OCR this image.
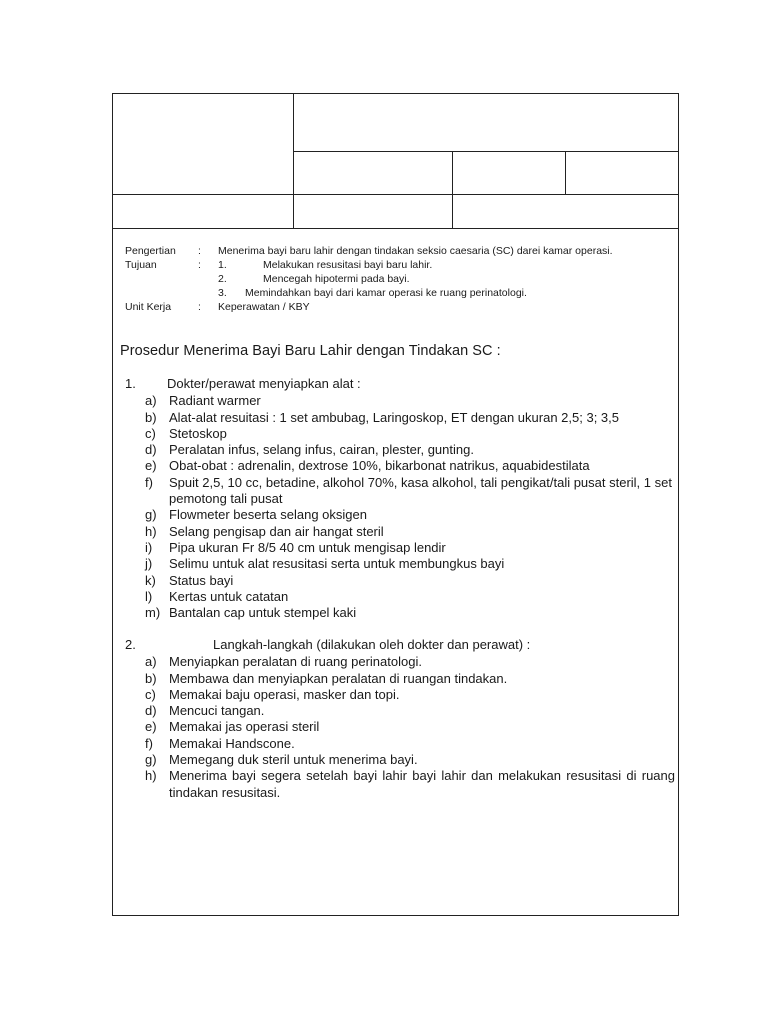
Pengertian	:	Menerima bayi baru lahir dengan tindakan seksio caesaria (SC) darei kamar operasi.
Tujuan	:	1.	Melakukan resusitasi bayi baru lahir.
2.	Mencegah hipotermi pada bayi.
3. Memindahkan bayi dari kamar operasi ke ruang perinatologi.
Unit Kerja	:	Keperawatan / KBY
Prosedur Menerima Bayi Baru Lahir dengan Tindakan SC :
1.	Dokter/perawat menyiapkan alat :
a) Radiant warmer
b) Alat-alat resuitasi : 1 set ambubag, Laringoskop, ET dengan ukuran 2,5; 3; 3,5
c)	Stetoskop
d) Peralatan infus, selang infus, cairan, plester, gunting.
e) Obat-obat : adrenalin, dextrose 10%, bikarbonat natrikus, aquabidestilata
f)	Spuit 2,5, 10 cc, betadine, alkohol 70%, kasa alkohol, tali pengikat/tali pusat steril, 1 set pemotong tali pusat
g) Flowmeter beserta selang oksigen
h) Selang pengisap dan air hangat steril
i)	Pipa ukuran Fr 8/5 40 cm untuk mengisap lendir
j)	Selimu untuk alat resusitasi serta untuk membungkus bayi
k)	Status bayi
l)	Kertas untuk catatan
m) Bantalan cap untuk stempel kaki
2.	Langkah-langkah (dilakukan oleh dokter dan perawat) :
a) Menyiapkan peralatan di ruang perinatologi.
b) Membawa dan menyiapkan peralatan di ruangan tindakan.
c)	Memakai baju operasi, masker dan topi.
d) Mencuci tangan.
e) Memakai jas operasi steril
f)	Memakai Handscone.
g) Memegang duk steril untuk menerima bayi.
h) Menerima bayi segera setelah bayi lahir bayi lahir dan melakukan resusitasi di ruang tindakan resusitasi.
